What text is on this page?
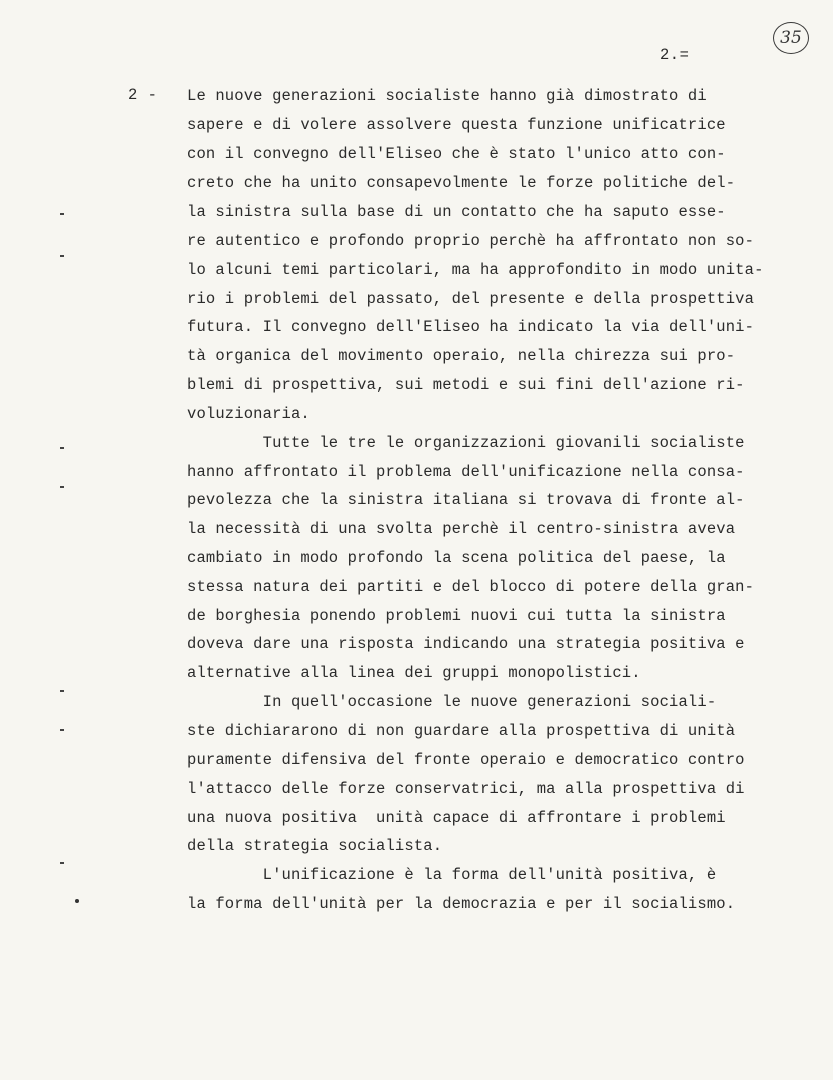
35
2.=
2 - Le nuove generazioni socialiste hanno già dimostrato di
sapere e di volere assolvere questa funzione unificatrice
con il convegno dell'Eliseo che è stato l'unico atto con-
creto che ha unito consapevolmente le forze politiche del-
la sinistra sulla base di un contatto che ha saputo esse-
re autentico e profondo proprio perchè ha affrontato non so-
lo alcuni temi particolari, ma ha approfondito in modo unita-
rio i problemi del passato, del presente e della prospettiva
futura. Il convegno dell'Eliseo ha indicato la via dell'uni-
tà organica del movimento operaio, nella chirezza sui pro-
blemi di prospettiva, sui metodi e sui fini dell'azione ri-
voluzionaria.
Tutte le tre le organizzazioni giovanili socialiste
hanno affrontato il problema dell'unificazione nella consa-
pevolezza che la sinistra italiana si trovava di fronte al-
la necessità di una svolta perchè il centro-sinistra aveva
cambiato in modo profondo la scena politica del paese, la
stessa natura dei partiti e del blocco di potere della gran-
de borghesia ponendo problemi nuovi cui tutta la sinistra
doveva dare una risposta indicando una strategia positiva e
alternative alla linea dei gruppi monopolistici.
In quell'occasione le nuove generazioni sociali-
ste dichiararono di non guardare alla prospettiva di unità
puramente difensiva del fronte operaio e democratico contro
l'attacco delle forze conservatrici, ma alla prospettiva di
una nuova positiva  unità capace di affrontare i problemi
della strategia socialista.
L'unificazione è la forma dell'unità positiva, è
la forma dell'unità per la democrazia e per il socialismo.
